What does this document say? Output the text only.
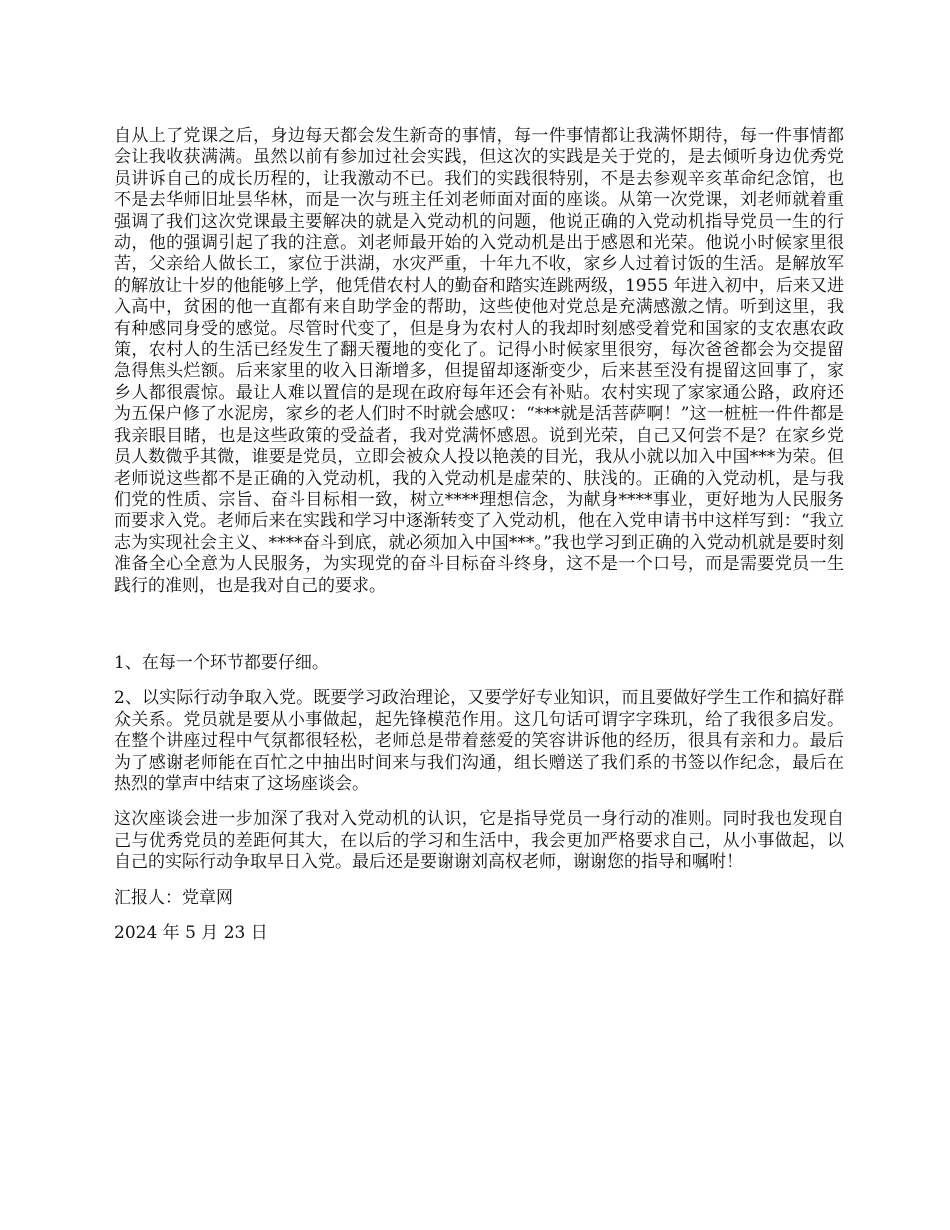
自从上了党课之后，身边每天都会发生新奇的事情，每一件事情都让我满怀期待，每一件事情都会让我收获满满。虽然以前有参加过社会实践，但这次的实践是关于党的，是去倾听身边优秀党员讲诉自己的成长历程的，让我激动不已。我们的实践很特别，不是去参观辛亥革命纪念馆，也不是去华师旧址昙华林，而是一次与班主任刘老师面对面的座谈。从第一次党课，刘老师就着重强调了我们这次党课最主要解决的就是入党动机的问题，他说正确的入党动机指导党员一生的行动，他的强调引起了我的注意。刘老师最开始的入党动机是出于感恩和光荣。他说小时候家里很苦，父亲给人做长工，家位于洪湖，水灾严重，十年九不收，家乡人过着讨饭的生活。是解放军的解放让十岁的他能够上学，他凭借农村人的勤奋和踏实连跳两级，1955 年进入初中，后来又进入高中，贫困的他一直都有来自助学金的帮助，这些使他对党总是充满感激之情。听到这里，我有种感同身受的感觉。尽管时代变了，但是身为农村人的我却时刻感受着党和国家的支农惠农政策，农村人的生活已经发生了翻天覆地的变化了。记得小时候家里很穷，每次爸爸都会为交提留急得焦头烂额。后来家里的收入日渐增多，但提留却逐渐变少，后来甚至没有提留这回事了，家乡人都很震惊。最让人难以置信的是现在政府每年还会有补贴。农村实现了家家通公路，政府还为五保户修了水泥房，家乡的老人们时不时就会感叹：“***就是活菩萨啊！”这一桩桩一件件都是我亲眼目睹，也是这些政策的受益者，我对党满怀感恩。说到光荣，自己又何尝不是？在家乡党员人数微乎其微，谁要是党员，立即会被众人投以艳羡的目光，我从小就以加入中国***为荣。但老师说这些都不是正确的入党动机，我的入党动机是虚荣的、肤浅的。正确的入党动机，是与我们党的性质、宗旨、奋斗目标相一致，树立****理想信念，为献身****事业，更好地为人民服务而要求入党。老师后来在实践和学习中逐渐转变了入党动机，他在入党申请书中这样写到：“我立志为实现社会主义、****奋斗到底，就必须加入中国***。”我也学习到正确的入党动机就是要时刻准备全心全意为人民服务，为实现党的奋斗目标奋斗终身，这不是一个口号，而是需要党员一生践行的准则，也是我对自己的要求。

1、在每一个环节都要仔细。

2、以实际行动争取入党。既要学习政治理论，又要学好专业知识，而且要做好学生工作和搞好群众关系。党员就是要从小事做起，起先锋模范作用。这几句话可谓字字珠玑，给了我很多启发。在整个讲座过程中气氛都很轻松，老师总是带着慈爱的笑容讲诉他的经历，很具有亲和力。最后为了感谢老师能在百忙之中抽出时间来与我们沟通，组长赠送了我们系的书签以作纪念，最后在热烈的掌声中结束了这场座谈会。

这次座谈会进一步加深了我对入党动机的认识，它是指导党员一身行动的准则。同时我也发现自己与优秀党员的差距何其大，在以后的学习和生活中，我会更加严格要求自己，从小事做起，以自己的实际行动争取早日入党。最后还是要谢谢刘高权老师，谢谢您的指导和嘱咐！

汇报人：党章网

2024 年 5 月 23 日
